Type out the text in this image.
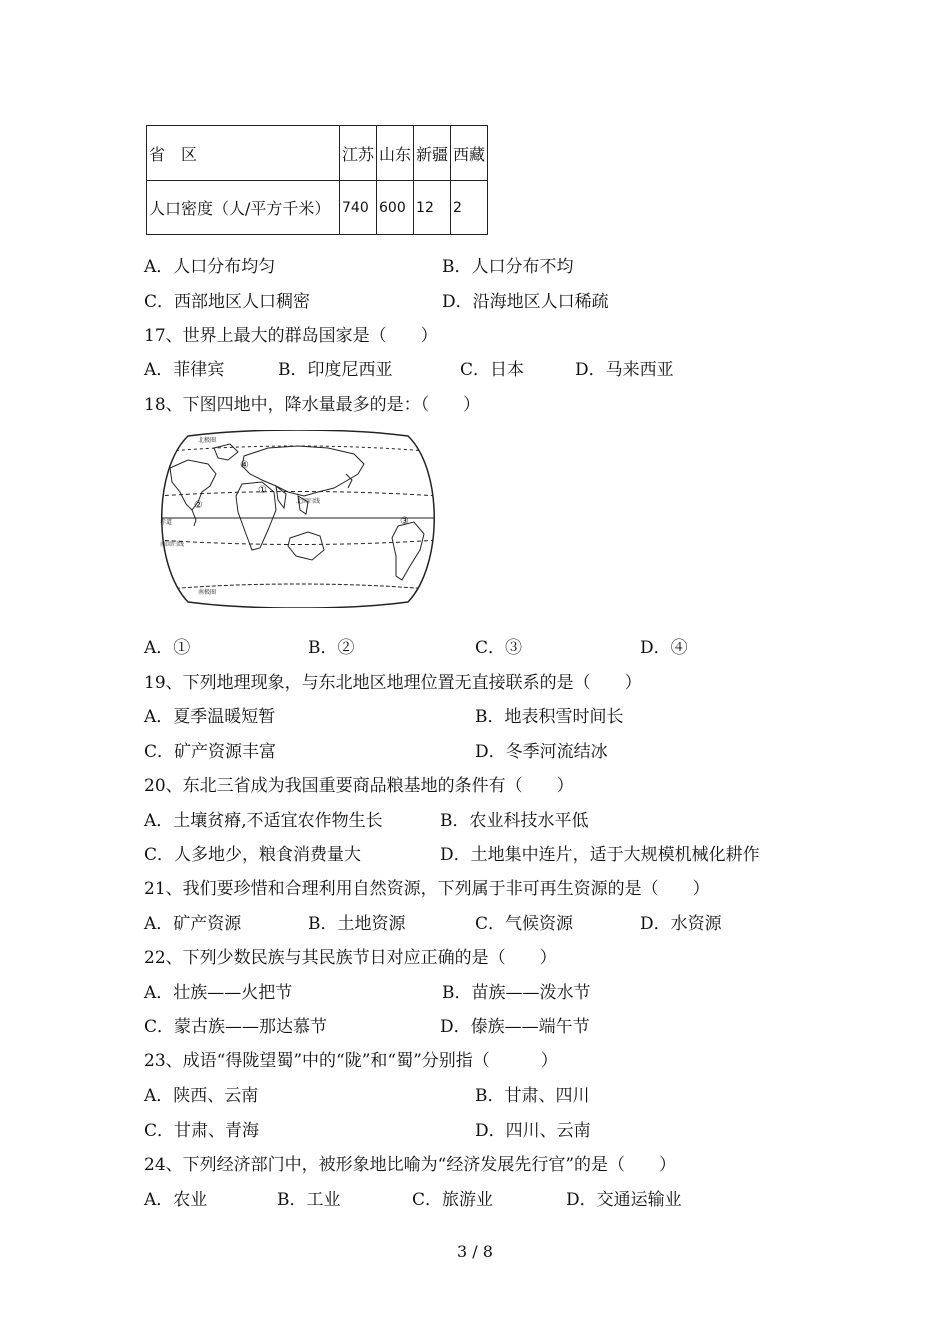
省　区	江苏	山东	新疆	西藏
人口密度（人/平方千米）	740	600	12	2
A．人口分布均匀	B．人口分布不均
C．西部地区人口稠密	D．沿海地区人口稀疏
17、世界上最大的群岛国家是（　　）
A．菲律宾	B．印度尼西亚	C．日本	D．马来西亚
18、下图四地中，降水量最多的是：（　　）
北回归线
赤道
南回归线
北极圈
南极圈
①
②
③
④
A．①	B．②	C．③	D．④
19、下列地理现象，与东北地区地理位置无直接联系的是（　　）
A．夏季温暖短暂	B．地表积雪时间长
C．矿产资源丰富	D．冬季河流结冰
20、东北三省成为我国重要商品粮基地的条件有（　　）
A．土壤贫瘠,不适宜农作物生长	B．农业科技水平低
C．人多地少，粮食消费量大	D．土地集中连片，适于大规模机械化耕作
21、我们要珍惜和合理利用自然资源，下列属于非可再生资源的是（　　）
A．矿产资源	B．土地资源	C．气候资源	D．水资源
22、下列少数民族与其民族节日对应正确的是（　　）
A．壮族——火把节	B．苗族——泼水节
C．蒙古族——那达慕节	D．傣族——端午节
23、成语“得陇望蜀”中的“陇”和“蜀”分别指（　　　）
A．陕西、云南	B．甘肃、四川
C．甘肃、青海	D．四川、云南
24、下列经济部门中，被形象地比喻为“经济发展先行官”的是（　　）
A．农业	B．工业	C．旅游业	D．交通运输业
3 / 8
